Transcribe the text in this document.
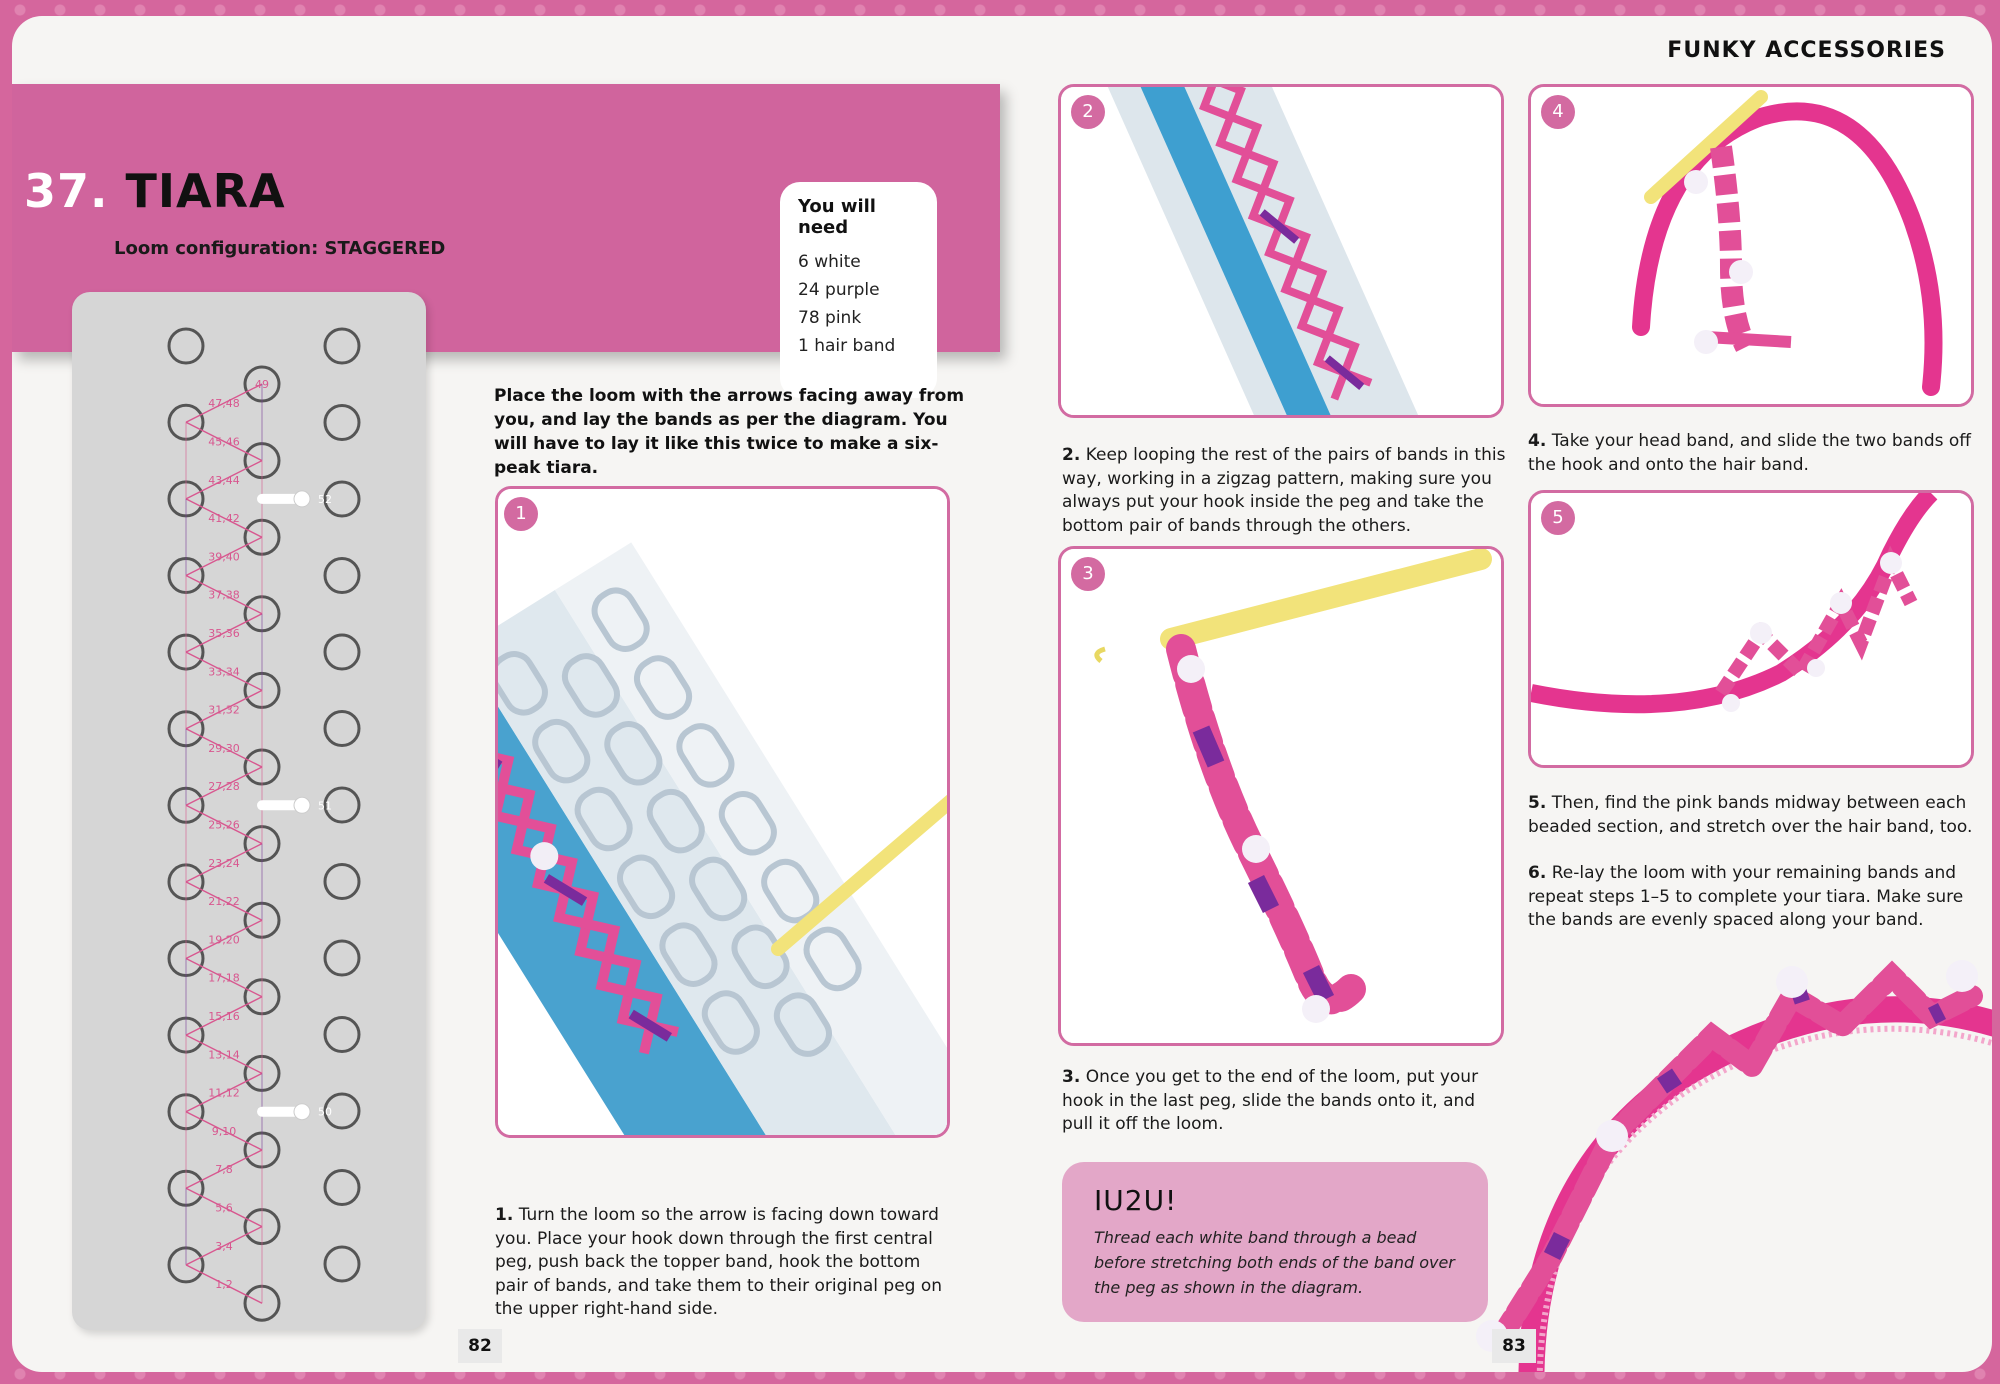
FUNKY ACCESSORIES
37. TIARA
Loom configuration: STAGGERED
You will need
6 white
24 purple
78 pink
1 hair band
47,48
45,46
43,44
41,42
39,40
37,38
35,36
33,34
31,32
29,30
27,28
25,26
23,24
21,22
19,20
17,18
15,16
13,14
11,12
9,10
7,8
5,6
3,4
1,2
49
52
51
50

Place the loom with the arrows facing away from you, and lay the bands as per the diagram. You will have to lay it like this twice to make a six-peak tiara.

1

1. Turn the loom so the arrow is facing down toward you. Place your hook down through the first central peg, push back the topper band, hook the bottom pair of bands, and take them to their original peg on the upper right-hand side.

2

2. Keep looping the rest of the pairs of bands in this way, working in a zigzag pattern, making sure you always put your hook inside the peg and take the bottom pair of bands through the others.

3

3. Once you get to the end of the loom, put your hook in the last peg, slide the bands onto it, and pull it off the loom.

4

4. Take your head band, and slide the two bands off the hook and onto the hair band.

5

5. Then, find the pink bands midway between each beaded section, and stretch over the hair band, too.

6. Re-lay the loom with your remaining bands and repeat steps 1–5 to complete your tiara. Make sure the bands are evenly spaced along your band.

IU2U!

Thread each white band through a bead before stretching both ends of the band over the peg as shown in the diagram.

82	83
